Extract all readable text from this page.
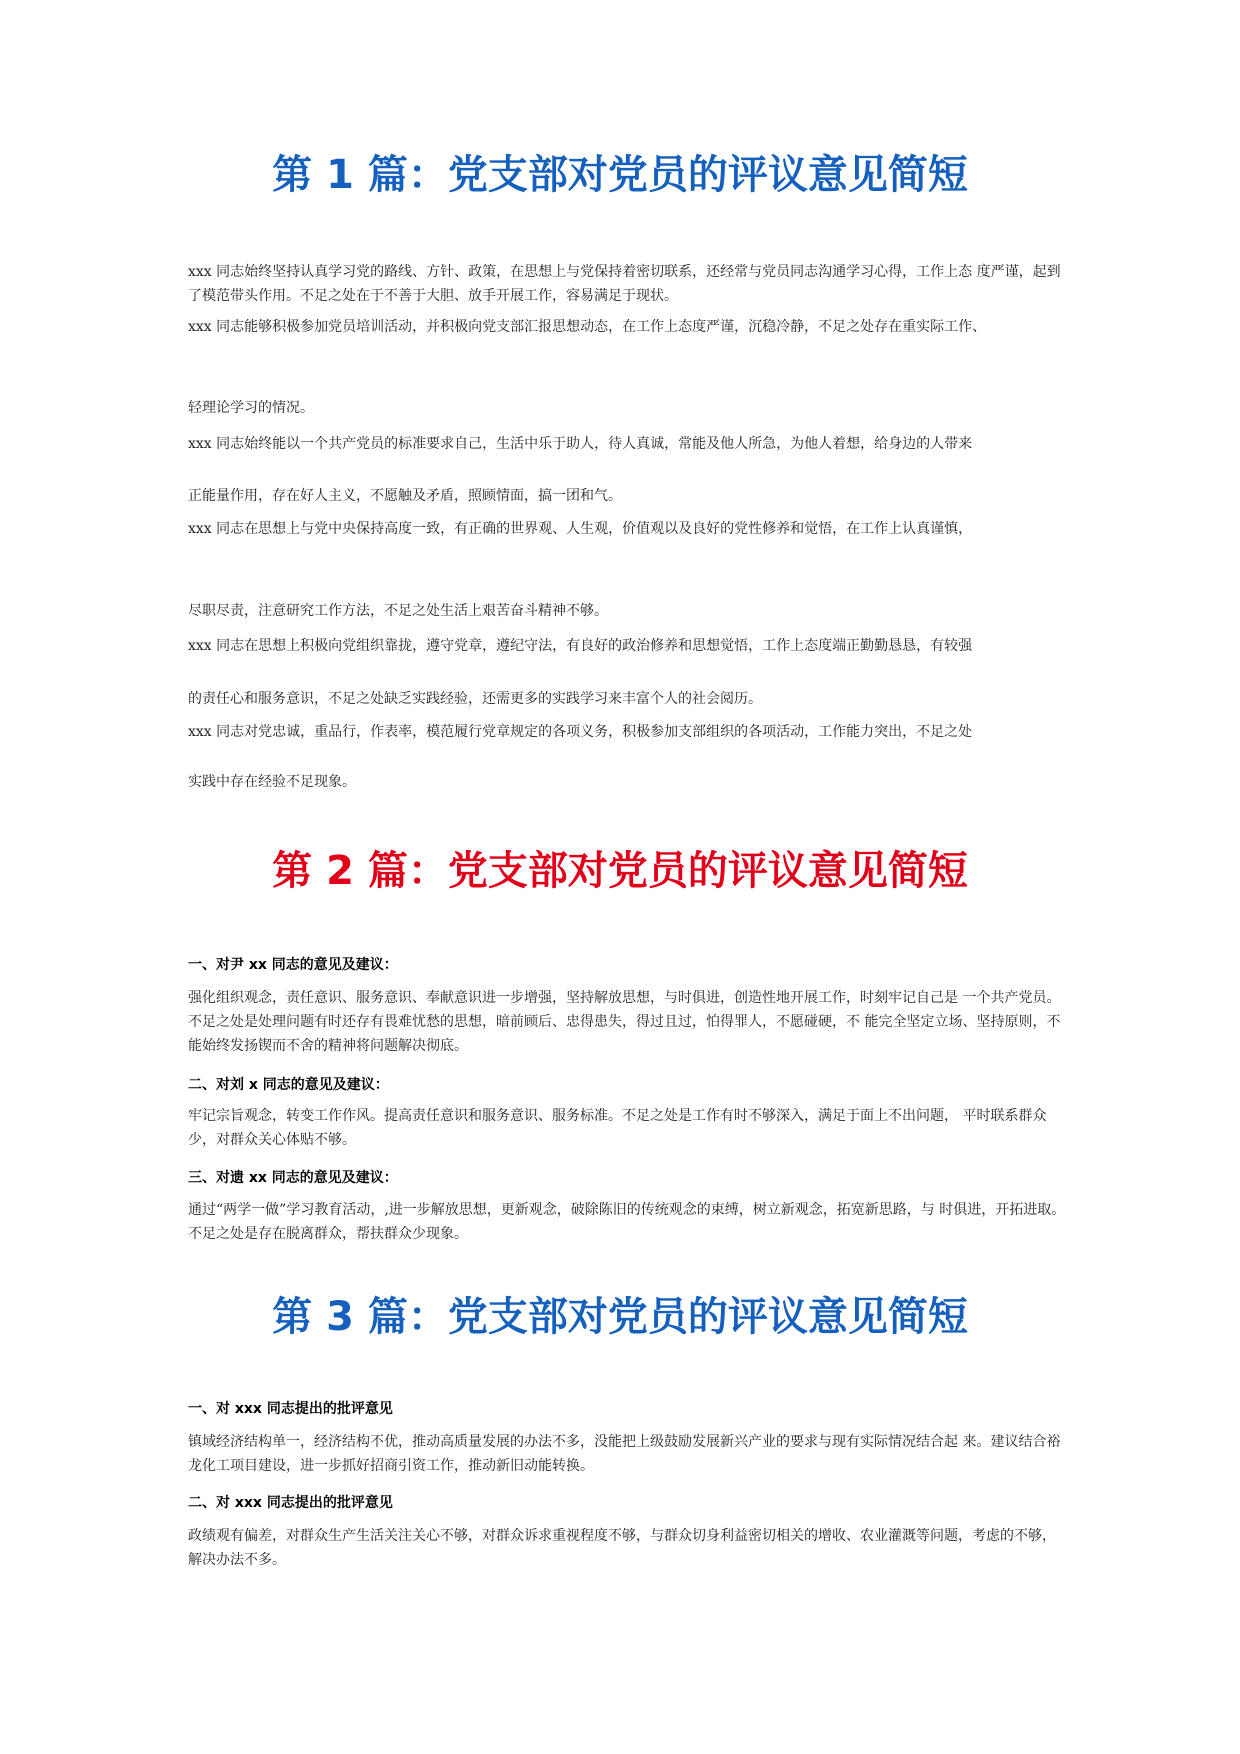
第 1 篇：党支部对党员的评议意见简短

xxx 同志始终坚持认真学习党的路线、方针、政策，在思想上与党保持着密切联系，还经常与党员同志沟通学习心得，工作上态 度严谨，起到了模范带头作用。不足之处在于不善于大胆、放手开展工作，容易满足于现状。

xxx 同志能够积极参加党员培训活动，并积极向党支部汇报思想动态，在工作上态度严谨，沉稳冷静，不足之处存在重实际工作、

轻理论学习的情况。

xxx 同志始终能以一个共产党员的标准要求自己，生活中乐于助人，待人真诚，常能及他人所急，为他人着想，给身边的人带来

正能量作用，存在好人主义，不愿触及矛盾，照顾情面，搞一团和气。

xxx 同志在思想上与党中央保持高度一致，有正确的世界观、人生观，价值观以及良好的党性修养和觉悟，在工作上认真谨慎，

尽职尽责，注意研究工作方法，不足之处生活上艰苦奋斗精神不够。

xxx 同志在思想上积极向党组织靠拢，遵守党章，遵纪守法，有良好的政治修养和思想觉悟，工作上态度端正勤勤恳恳，有较强

的责任心和服务意识，不足之处缺乏实践经验，还需更多的实践学习来丰富个人的社会阅历。

xxx 同志对党忠诚，重品行，作表率，模范履行党章规定的各项义务，积极参加支部组织的各项活动，工作能力突出，不足之处

实践中存在经验不足现象。

第 2 篇：党支部对党员的评议意见简短
一、对尹 xx 同志的意见及建议：

强化组织观念，责任意识、服务意识、奉献意识进一步增强，坚持解放思想，与时俱进，创造性地开展工作，时刻牢记自己是 一个共产党员。不足之处是处理问题有时还存有畏难忧愁的思想，暗前顾后、忠得患失，得过且过，怕得罪人，不愿碰硬，不 能完全坚定立场、坚持原则，不能始终发扬锲而不舍的精神将问题解决彻底。

二、对刘 x 同志的意见及建议：

牢记宗旨观念，转变工作作风。提高责任意识和服务意识、服务标准。不足之处是工作有时不够深入，满足于面上不出问题， 平时联系群众少，对群众关心体贴不够。

三、对遗 xx 同志的意见及建议：

通过“两学一做”学习教育活动，,进一步解放思想，更新观念，破除陈旧的传统观念的束缚，树立新观念，拓宽新思路，与 时俱进，开拓进取。不足之处是存在脱离群众，帮扶群众少现象。

第 3 篇：党支部对党员的评议意见简短
一、对 xxx 同志提出的批评意见

镇域经济结构单一，经济结构不优，推动高质量发展的办法不多，没能把上级鼓励发展新兴产业的要求与现有实际情况结合起 来。建议结合裕龙化工项目建设，进一步抓好招商引资工作，推动新旧动能转换。

二、对 xxx 同志提出的批评意见

政绩观有偏差，对群众生产生活关注关心不够，对群众诉求重视程度不够，与群众切身利益密切相关的增收、农业灌溉等问题，考虑的不够，解决办法不多。
